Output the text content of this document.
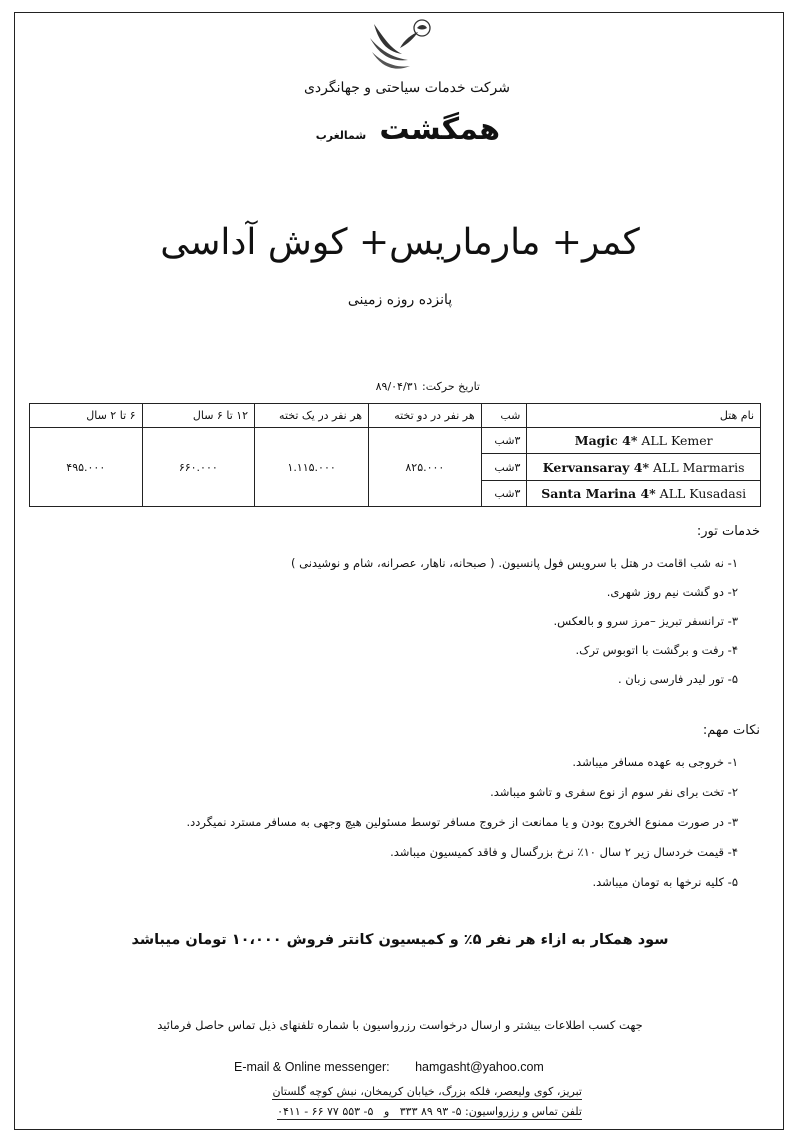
شرکت خدمات سیاحتی و جهانگردی
همگشت شمالغرب
کمر+ مارماریس+ کوش آداسی
پانزده روزه زمینی
تاریخ حرکت: ۸۹/۰۴/۳۱
نام هتل	شب	هر نفر در دو تخته	هر نفر در یک تخته	۱۲ تا ۶ سال	۶ تا ۲ سال
Magic 4* ALL Kemer	۳شب	۸۲۵.۰۰۰	۱.۱۱۵.۰۰۰	۶۶۰.۰۰۰	۴۹۵.۰۰۰
Kervansaray 4* ALL Marmaris	۳شب				
Santa Marina 4* ALL Kusadasi	۳شب				
خدمات تور:
۱- نه شب اقامت در هتل با سرویس فول پانسیون. ( صبحانه، ناهار، عصرانه، شام و نوشیدنی )
۲- دو گشت نیم روز شهری.
۳- ترانسفر تبریز –مرز سرو و بالعکس.
۴- رفت و برگشت با اتوبوس ترک.
۵- تور لیدر فارسی زبان .
نکات مهم:
۱- خروجی به عهده مسافر میباشد.
۲- تخت برای نفر سوم از نوع سفری و تاشو میباشد.
۳- در صورت ممنوع الخروج بودن و یا ممانعت از خروج مسافر توسط مسئولین هیچ وجهی به مسافر مسترد نمیگردد.
۴- قیمت خردسال زیر ۲ سال ۱۰٪ نرخ بزرگسال و فاقد کمیسیون میباشد.
۵- کلیه نرخها به تومان میباشد.
سود همکار به ازاء هر نفر ۵٪ و کمیسیون کانتر فروش ۱۰،۰۰۰ تومان میباشد
جهت کسب اطلاعات بیشتر و ارسال درخواست رزرواسیون با شماره تلفنهای ذیل تماس حاصل فرمائید
E-mail & Online messenger: hamgasht@yahoo.com
تبریز، کوی ولیعصر، فلکه بزرگ، خیابان کریمخان، نبش کوچه گلستان
تلفن تماس و رزرواسیون: ۵- ۹۳ ۸۹ ۳۳۳   و   ۵- ۵۵۳ ۷۷ ۶۶ - ۰۴۱۱
